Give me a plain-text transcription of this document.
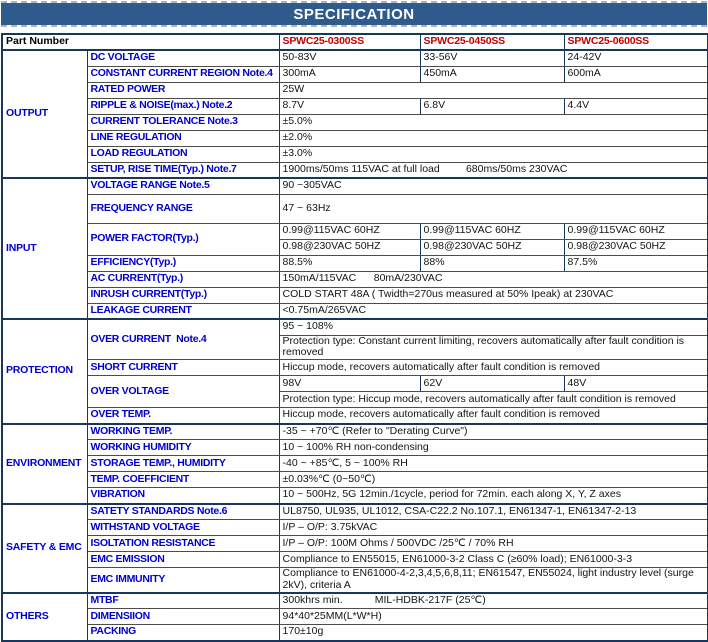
SPECIFICATION
Part Number		SPWC25-0300SS	SPWC25-0450SS	SPWC25-0600SS
OUTPUT	DC VOLTAGE	50-83V	33-56V	24-42V
	CONSTANT CURRENT REGION Note.4	300mA	450mA	600mA
	RATED POWER	25W		
	RIPPLE & NOISE(max.) Note.2	8.7V	6.8V	4.4V
	CURRENT TOLERANCE Note.3	±5.0%		
	LINE REGULATION	±2.0%		
	LOAD REGULATION	±3.0%		
	SETUP, RISE TIME(Typ.) Note.7	1900ms/50ms 115VAC at full load         680ms/50ms 230VAC		
INPUT	VOLTAGE RANGE Note.5	90 ~305VAC		
	FREQUENCY RANGE	47 ~ 63Hz		
	POWER FACTOR(Typ.)	0.99@115VAC 60HZ	0.99@115VAC 60HZ	0.99@115VAC 60HZ
		0.98@230VAC 50HZ	0.98@230VAC 50HZ	0.98@230VAC 50HZ
	EFFICIENCY(Typ.)	88.5%	88%	87.5%
	AC CURRENT(Typ.)	150mA/115VAC      80mA/230VAC		
	INRUSH CURRENT(Typ.)	COLD START 48A ( Twidth=270us measured at 50% Ipeak) at 230VAC		
	LEAKAGE CURRENT	<0.75mA/265VAC		
PROTECTION	OVER CURRENT  Note.4	95 ~ 108%		
		Protection type: Constant current limiting, recovers automatically after fault condition is removed		
	SHORT CURRENT	Hiccup mode, recovers automatically after fault condition is removed		
	OVER VOLTAGE	98V	62V	48V
		Protection type: Hiccup mode, recovers automatically after fault condition is removed		
	OVER TEMP.	Hiccup mode, recovers automatically after fault condition is removed		
ENVIRONMENT	WORKING TEMP.	-35 ~ +70℃ (Refer to "Derating Curve")		
	WORKING HUMIDITY	10 ~ 100% RH non-condensing		
	STORAGE TEMP., HUMIDITY	-40 ~ +85℃, 5 ~ 100% RH		
	TEMP. COEFFICIENT	±0.03%℃ (0~50℃)		
	VIBRATION	10 ~ 500Hz, 5G 12min./1cycle, period for 72min. each along X, Y, Z axes		
SAFETY & EMC	SATETY STANDARDS Note.6	UL8750, UL935, UL1012, CSA-C22.2 No.107.1, EN61347-1, EN61347-2-13		
	WITHSTAND VOLTAGE	I/P – O/P: 3.75kVAC		
	ISOLTATION RESISTANCE	I/P – O/P: 100M Ohms / 500VDC /25℃ / 70% RH		
	EMC EMISSION	Compliance to EN55015, EN61000-3-2 Class C (≥60% load); EN61000-3-3		
	EMC IMMUNITY	Compliance to EN61000-4-2,3,4,5,6,8,11; EN61547, EN55024, light industry level (surge 2kV), criteria A		
OTHERS	MTBF	300khrs min.           MIL-HDBK-217F (25℃)		
	DIMENSIION	94*40*25MM(L*W*H)		
	PACKING	170±10g		
